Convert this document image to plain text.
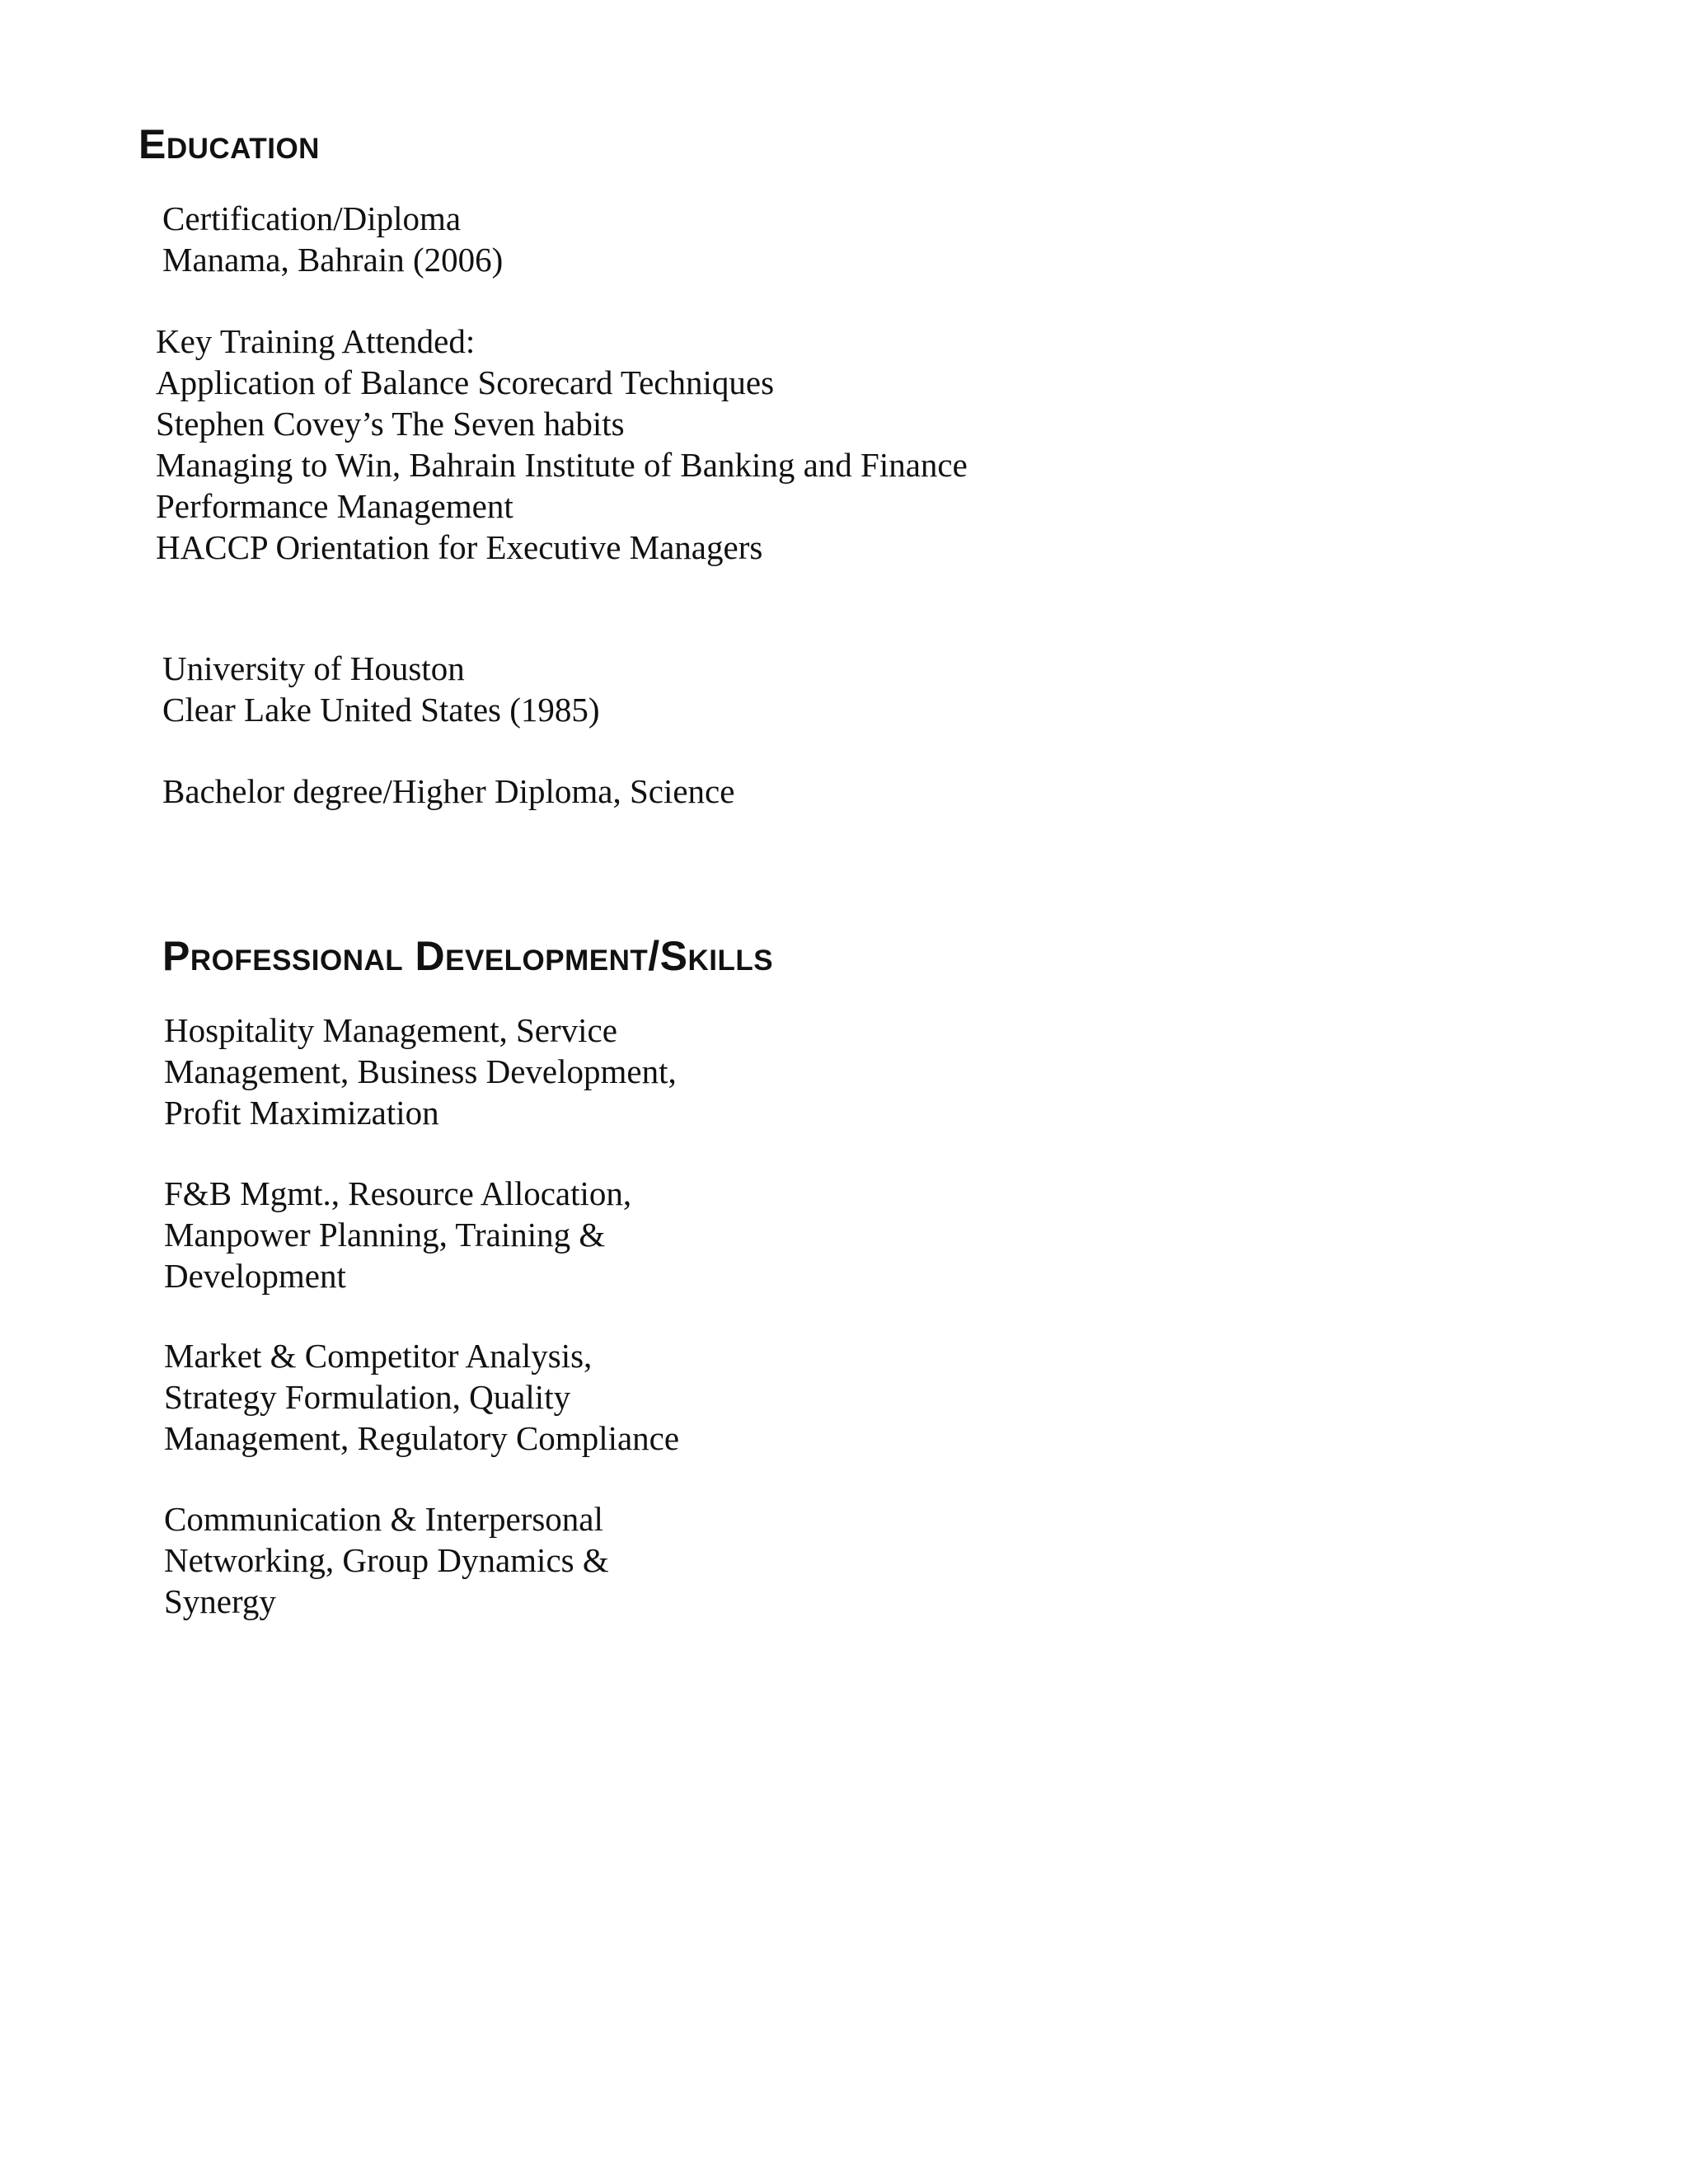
Education
Certification/Diploma
Manama, Bahrain (2006)
Key Training Attended:
Application of Balance Scorecard Techniques
Stephen Covey’s The Seven habits
Managing to Win, Bahrain Institute of Banking and Finance
Performance Management
HACCP Orientation for Executive Managers
University of Houston
Clear Lake United States (1985)
Bachelor degree/Higher Diploma, Science
Professional Development/Skills
Hospitality Management, Service
Management, Business Development,
Profit Maximization
F&B Mgmt., Resource Allocation,
Manpower Planning, Training &
Development
Market & Competitor Analysis,
Strategy Formulation, Quality
Management, Regulatory Compliance
Communication & Interpersonal
Networking, Group Dynamics &
Synergy
